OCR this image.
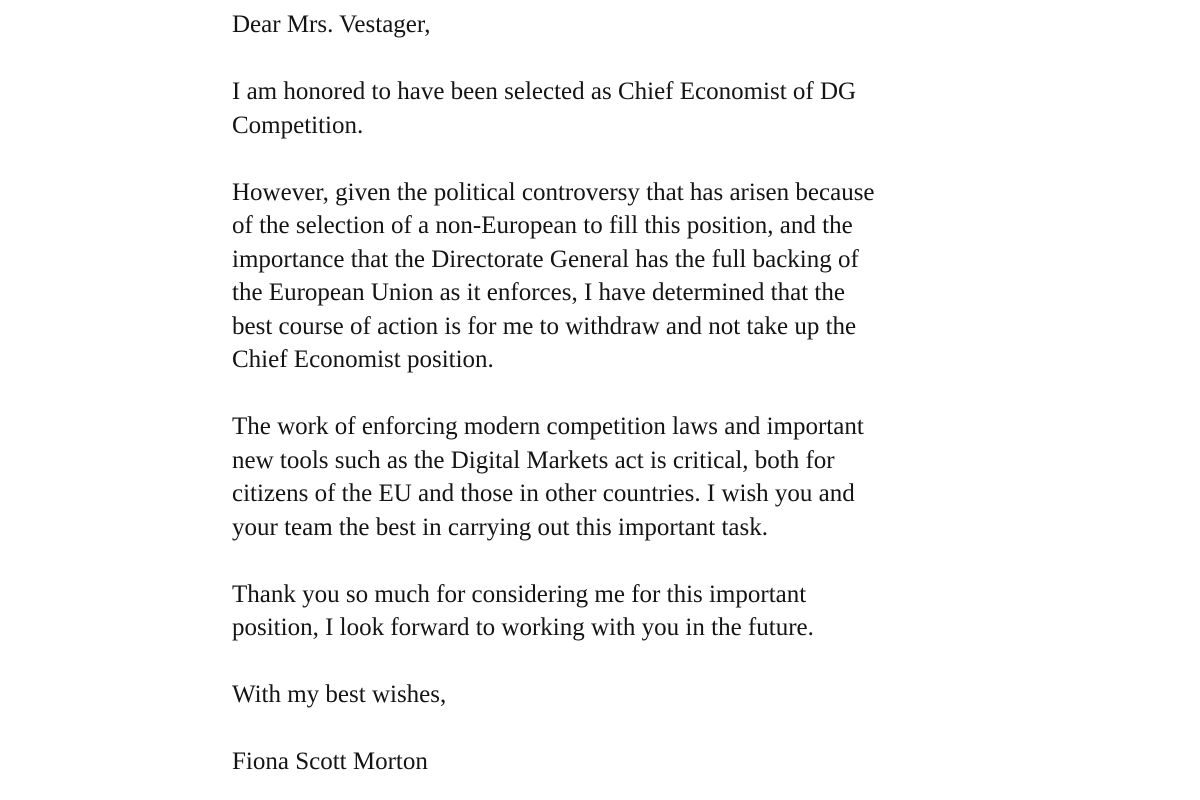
Dear Mrs. Vestager,

I am honored to have been selected as Chief Economist of DG
Competition.

However, given the political controversy that has arisen because
of the selection of a non-European to fill this position, and the
importance that the Directorate General has the full backing of
the European Union as it enforces, I have determined that the
best course of action is for me to withdraw and not take up the
Chief Economist position.

The work of enforcing modern competition laws and important
new tools such as the Digital Markets act is critical, both for
citizens of the EU and those in other countries. I wish you and
your team the best in carrying out this important task.

Thank you so much for considering me for this important
position, I look forward to working with you in the future.

With my best wishes,

Fiona Scott Morton
